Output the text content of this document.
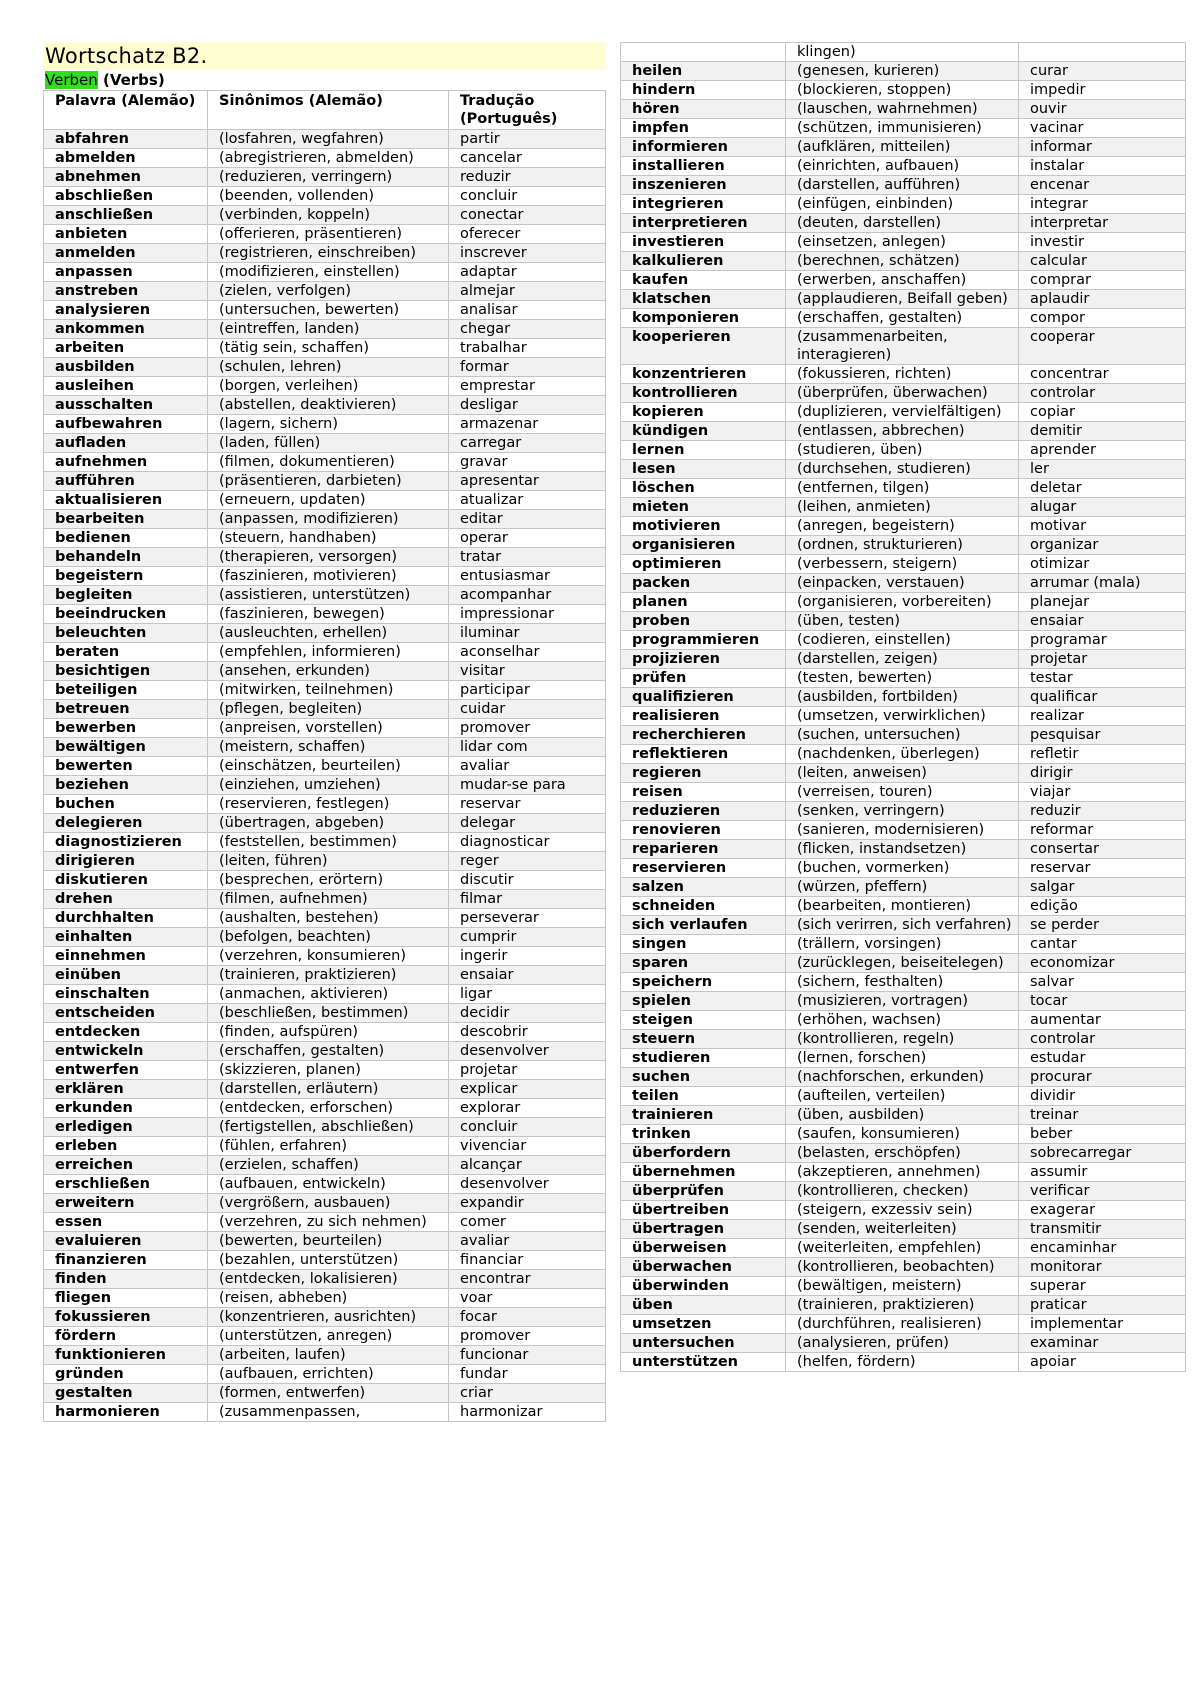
Wortschatz B2.
Verben (Verbs)
Palavra (Alemão)	Sinônimos (Alemão)	Tradução (Português)
abfahren	(losfahren, wegfahren)	partir
abmelden	(abregistrieren, abmelden)	cancelar
abnehmen	(reduzieren, verringern)	reduzir
abschließen	(beenden, vollenden)	concluir
anschließen	(verbinden, koppeln)	conectar
anbieten	(offerieren, präsentieren)	oferecer
anmelden	(registrieren, einschreiben)	inscrever
anpassen	(modifizieren, einstellen)	adaptar
anstreben	(zielen, verfolgen)	almejar
analysieren	(untersuchen, bewerten)	analisar
ankommen	(eintreffen, landen)	chegar
arbeiten	(tätig sein, schaffen)	trabalhar
ausbilden	(schulen, lehren)	formar
ausleihen	(borgen, verleihen)	emprestar
ausschalten	(abstellen, deaktivieren)	desligar
aufbewahren	(lagern, sichern)	armazenar
aufladen	(laden, füllen)	carregar
aufnehmen	(filmen, dokumentieren)	gravar
aufführen	(präsentieren, darbieten)	apresentar
aktualisieren	(erneuern, updaten)	atualizar
bearbeiten	(anpassen, modifizieren)	editar
bedienen	(steuern, handhaben)	operar
behandeln	(therapieren, versorgen)	tratar
begeistern	(faszinieren, motivieren)	entusiasmar
begleiten	(assistieren, unterstützen)	acompanhar
beeindrucken	(faszinieren, bewegen)	impressionar
beleuchten	(ausleuchten, erhellen)	iluminar
beraten	(empfehlen, informieren)	aconselhar
besichtigen	(ansehen, erkunden)	visitar
beteiligen	(mitwirken, teilnehmen)	participar
betreuen	(pflegen, begleiten)	cuidar
bewerben	(anpreisen, vorstellen)	promover
bewältigen	(meistern, schaffen)	lidar com
bewerten	(einschätzen, beurteilen)	avaliar
beziehen	(einziehen, umziehen)	mudar-se para
buchen	(reservieren, festlegen)	reservar
delegieren	(übertragen, abgeben)	delegar
diagnostizieren	(feststellen, bestimmen)	diagnosticar
dirigieren	(leiten, führen)	reger
diskutieren	(besprechen, erörtern)	discutir
drehen	(filmen, aufnehmen)	filmar
durchhalten	(aushalten, bestehen)	perseverar
einhalten	(befolgen, beachten)	cumprir
einnehmen	(verzehren, konsumieren)	ingerir
einüben	(trainieren, praktizieren)	ensaiar
einschalten	(anmachen, aktivieren)	ligar
entscheiden	(beschließen, bestimmen)	decidir
entdecken	(finden, aufspüren)	descobrir
entwickeln	(erschaffen, gestalten)	desenvolver
entwerfen	(skizzieren, planen)	projetar
erklären	(darstellen, erläutern)	explicar
erkunden	(entdecken, erforschen)	explorar
erledigen	(fertigstellen, abschließen)	concluir
erleben	(fühlen, erfahren)	vivenciar
erreichen	(erzielen, schaffen)	alcançar
erschließen	(aufbauen, entwickeln)	desenvolver
erweitern	(vergrößern, ausbauen)	expandir
essen	(verzehren, zu sich nehmen)	comer
evaluieren	(bewerten, beurteilen)	avaliar
finanzieren	(bezahlen, unterstützen)	financiar
finden	(entdecken, lokalisieren)	encontrar
fliegen	(reisen, abheben)	voar
fokussieren	(konzentrieren, ausrichten)	focar
fördern	(unterstützen, anregen)	promover
funktionieren	(arbeiten, laufen)	funcionar
gründen	(aufbauen, errichten)	fundar
gestalten	(formen, entwerfen)	criar
harmonieren	(zusammenpassen,	harmonizar
	klingen)	
heilen	(genesen, kurieren)	curar
hindern	(blockieren, stoppen)	impedir
hören	(lauschen, wahrnehmen)	ouvir
impfen	(schützen, immunisieren)	vacinar
informieren	(aufklären, mitteilen)	informar
installieren	(einrichten, aufbauen)	instalar
inszenieren	(darstellen, aufführen)	encenar
integrieren	(einfügen, einbinden)	integrar
interpretieren	(deuten, darstellen)	interpretar
investieren	(einsetzen, anlegen)	investir
kalkulieren	(berechnen, schätzen)	calcular
kaufen	(erwerben, anschaffen)	comprar
klatschen	(applaudieren, Beifall geben)	aplaudir
komponieren	(erschaffen, gestalten)	compor
kooperieren	(zusammenarbeiten, interagieren)	cooperar
konzentrieren	(fokussieren, richten)	concentrar
kontrollieren	(überprüfen, überwachen)	controlar
kopieren	(duplizieren, vervielfältigen)	copiar
kündigen	(entlassen, abbrechen)	demitir
lernen	(studieren, üben)	aprender
lesen	(durchsehen, studieren)	ler
löschen	(entfernen, tilgen)	deletar
mieten	(leihen, anmieten)	alugar
motivieren	(anregen, begeistern)	motivar
organisieren	(ordnen, strukturieren)	organizar
optimieren	(verbessern, steigern)	otimizar
packen	(einpacken, verstauen)	arrumar (mala)
planen	(organisieren, vorbereiten)	planejar
proben	(üben, testen)	ensaiar
programmieren	(codieren, einstellen)	programar
projizieren	(darstellen, zeigen)	projetar
prüfen	(testen, bewerten)	testar
qualifizieren	(ausbilden, fortbilden)	qualificar
realisieren	(umsetzen, verwirklichen)	realizar
recherchieren	(suchen, untersuchen)	pesquisar
reflektieren	(nachdenken, überlegen)	refletir
regieren	(leiten, anweisen)	dirigir
reisen	(verreisen, touren)	viajar
reduzieren	(senken, verringern)	reduzir
renovieren	(sanieren, modernisieren)	reformar
reparieren	(flicken, instandsetzen)	consertar
reservieren	(buchen, vormerken)	reservar
salzen	(würzen, pfeffern)	salgar
schneiden	(bearbeiten, montieren)	edição
sich verlaufen	(sich verirren, sich verfahren)	se perder
singen	(trällern, vorsingen)	cantar
sparen	(zurücklegen, beiseitelegen)	economizar
speichern	(sichern, festhalten)	salvar
spielen	(musizieren, vortragen)	tocar
steigen	(erhöhen, wachsen)	aumentar
steuern	(kontrollieren, regeln)	controlar
studieren	(lernen, forschen)	estudar
suchen	(nachforschen, erkunden)	procurar
teilen	(aufteilen, verteilen)	dividir
trainieren	(üben, ausbilden)	treinar
trinken	(saufen, konsumieren)	beber
überfordern	(belasten, erschöpfen)	sobrecarregar
übernehmen	(akzeptieren, annehmen)	assumir
überprüfen	(kontrollieren, checken)	verificar
übertreiben	(steigern, exzessiv sein)	exagerar
übertragen	(senden, weiterleiten)	transmitir
überweisen	(weiterleiten, empfehlen)	encaminhar
überwachen	(kontrollieren, beobachten)	monitorar
überwinden	(bewältigen, meistern)	superar
üben	(trainieren, praktizieren)	praticar
umsetzen	(durchführen, realisieren)	implementar
untersuchen	(analysieren, prüfen)	examinar
unterstützen	(helfen, fördern)	apoiar
